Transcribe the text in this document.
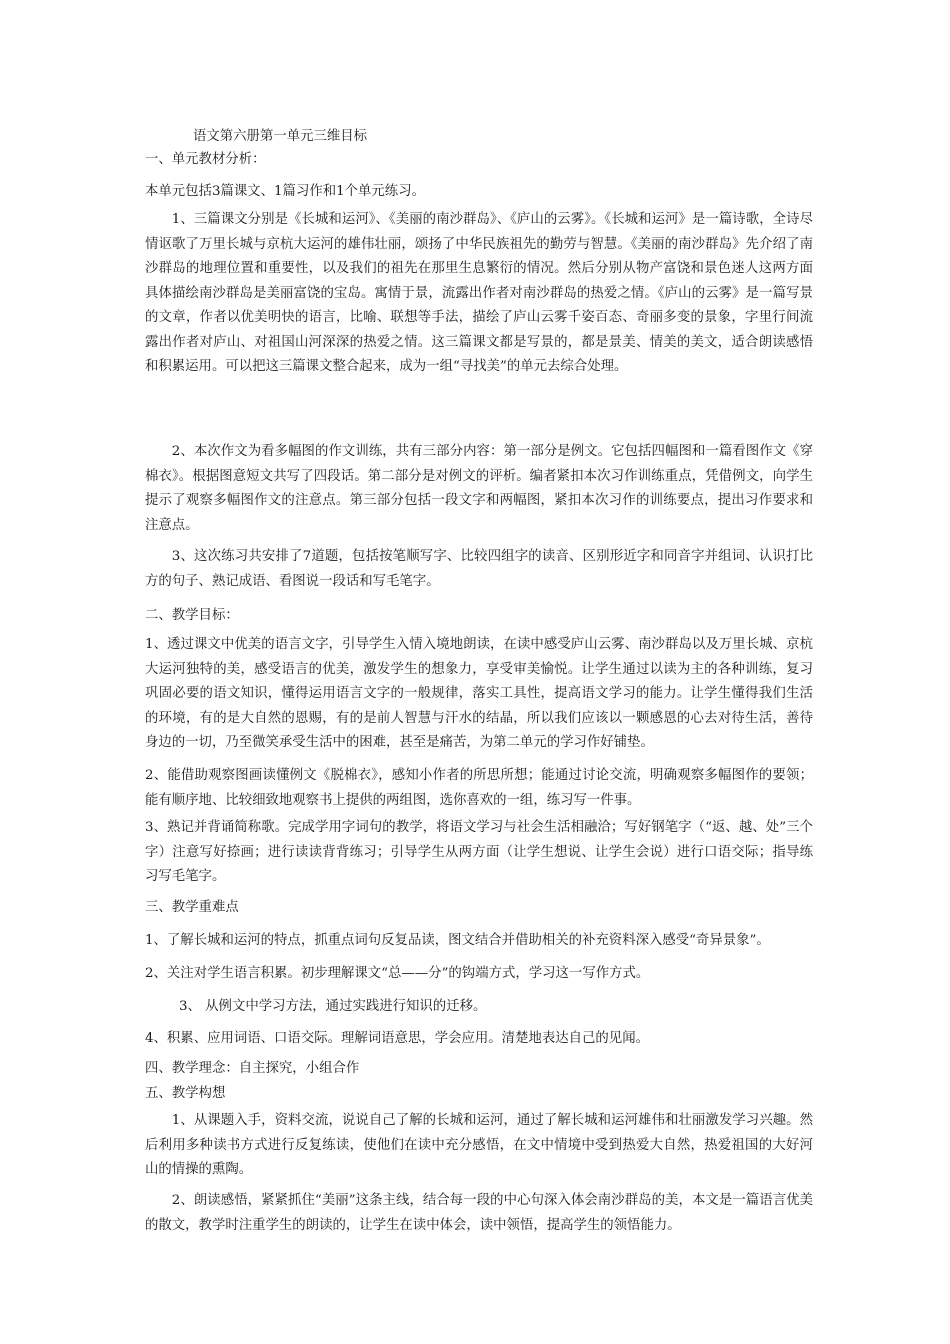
语文第六册第一单元三维目标
一、单元教材分析：
本单元包括3篇课文、1篇习作和1个单元练习。

1、三篇课文分别是《长城和运河》、《美丽的南沙群岛》、《庐山的云雾》。《长城和运河》是一篇诗歌，全诗尽情讴歌了万里长城与京杭大运河的雄伟壮丽，颂扬了中华民族祖先的勤劳与智慧。《美丽的南沙群岛》先介绍了南沙群岛的地理位置和重要性，以及我们的祖先在那里生息繁衍的情况。然后分别从物产富饶和景色迷人这两方面具体描绘南沙群岛是美丽富饶的宝岛。寓情于景，流露出作者对南沙群岛的热爱之情。《庐山的云雾》是一篇写景的文章，作者以优美明快的语言，比喻、联想等手法，描绘了庐山云雾千姿百态、奇丽多变的景象，字里行间流露出作者对庐山、对祖国山河深深的热爱之情。这三篇课文都是写景的，都是景美、情美的美文，适合朗读感悟和积累运用。可以把这三篇课文整合起来，成为一组“寻找美”的单元去综合处理。

2、本次作文为看多幅图的作文训练，共有三部分内容：第一部分是例文。它包括四幅图和一篇看图作文《穿棉衣》。根据图意短文共写了四段话。第二部分是对例文的评析。编者紧扣本次习作训练重点，凭借例文，向学生提示了观察多幅图作文的注意点。第三部分包括一段文字和两幅图，紧扣本次习作的训练要点，提出习作要求和注意点。

3、这次练习共安排了7道题，包括按笔顺写字、比较四组字的读音、区别形近字和同音字并组词、认识打比方的句子、熟记成语、看图说一段话和写毛笔字。

二、教学目标：

1、透过课文中优美的语言文字，引导学生入情入境地朗读，在读中感受庐山云雾、南沙群岛以及万里长城、京杭大运河独特的美，感受语言的优美，激发学生的想象力，享受审美愉悦。让学生通过以读为主的各种训练，复习巩固必要的语文知识，懂得运用语言文字的一般规律，落实工具性，提高语文学习的能力。让学生懂得我们生活的环境，有的是大自然的恩赐，有的是前人智慧与汗水的结晶，所以我们应该以一颗感恩的心去对待生活，善待身边的一切，乃至微笑承受生活中的困难，甚至是痛苦，为第二单元的学习作好铺垫。

2、能借助观察图画读懂例文《脱棉衣》，感知小作者的所思所想；能通过讨论交流，明确观察多幅图作的要领；能有顺序地、比较细致地观察书上提供的两组图，选你喜欢的一组，练习写一件事。

3、熟记并背诵简称歌。完成学用字词句的教学，将语文学习与社会生活相融洽；写好钢笔字（“返、越、处”三个字）注意写好捺画；进行读读背背练习；引导学生从两方面（让学生想说、让学生会说）进行口语交际；指导练习写毛笔字。

三、教学重难点
1、了解长城和运河的特点，抓重点词句反复品读，图文结合并借助相关的补充资料深入感受“奇异景象”。
2、关注对学生语言积累。初步理解课文“总——分”的钩端方式，学习这一写作方式。
3、 从例文中学习方法，通过实践进行知识的迁移。
4、积累、应用词语、口语交际。理解词语意思，学会应用。清楚地表达自己的见闻。
四、教学理念：自主探究，小组合作
五、教学构想

1、从课题入手，资料交流，说说自己了解的长城和运河，通过了解长城和运河雄伟和壮丽激发学习兴趣。然后利用多种读书方式进行反复练读，使他们在读中充分感悟，在文中情境中受到热爱大自然，热爱祖国的大好河山的情操的熏陶。

2、朗读感悟，紧紧抓住“美丽”这条主线，结合每一段的中心句深入体会南沙群岛的美，本文是一篇语言优美的散文，教学时注重学生的朗读的，让学生在读中体会，读中领悟，提高学生的领悟能力。
